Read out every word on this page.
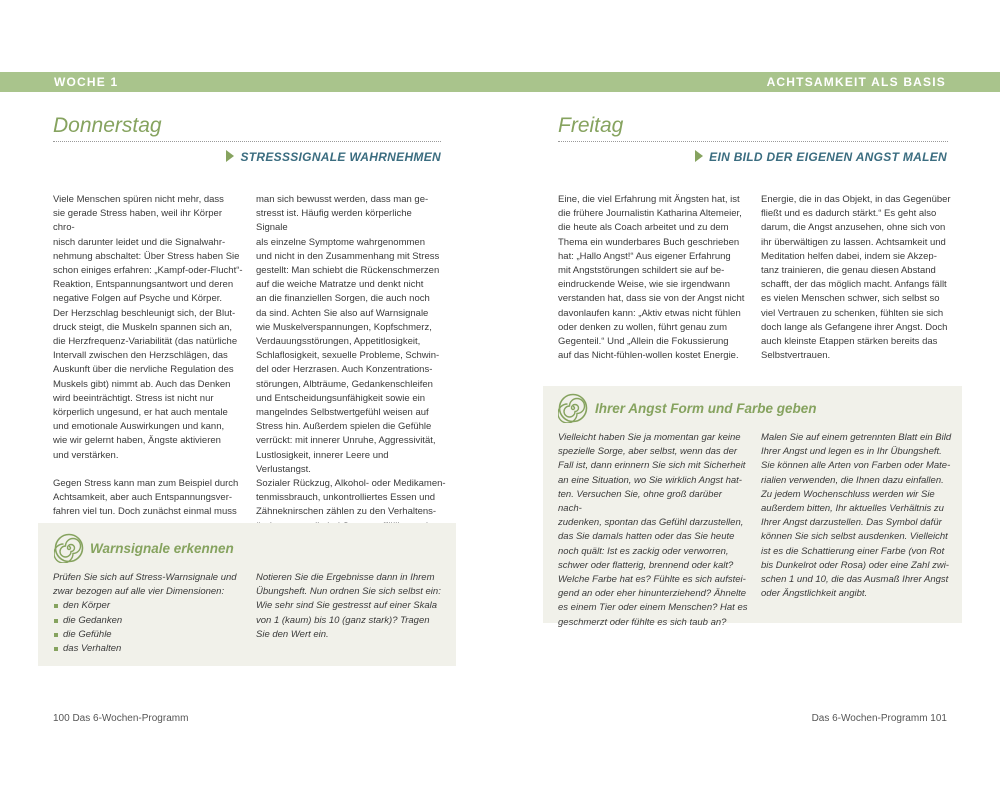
WOCHE 1	ACHTSAMKEIT ALS BASIS
Donnerstag
STRESSSIGNALE WAHRNEHMEN

Viele Menschen spüren nicht mehr, dass

sie gerade Stress haben, weil ihr Körper chro-

nisch darunter leidet und die Signalwahr-

nehmung abschaltet: Über Stress haben Sie

schon einiges erfahren: „Kampf-oder-Flucht“-

Reaktion, Entspannungsantwort und deren

negative Folgen auf Psyche und Körper.

Der Herzschlag beschleunigt sich, der Blut-

druck steigt, die Muskeln spannen sich an,

die Herzfrequenz-Variabilität (das natürliche

Intervall zwischen den Herzschlägen, das

Auskunft über die nervliche Regulation des

Muskels gibt) nimmt ab. Auch das Denken

wird beeinträchtigt. Stress ist nicht nur

körperlich ungesund, er hat auch mentale

und emotionale Auswirkungen und kann,

wie wir gelernt haben, Ängste aktivieren

und verstärken.

Gegen Stress kann man zum Beispiel durch

Achtsamkeit, aber auch Entspannungsver-

fahren viel tun. Doch zunächst einmal muss

man sich bewusst werden, dass man ge-

stresst ist. Häufig werden körperliche Signale

als einzelne Symptome wahrgenommen

und nicht in den Zusammenhang mit Stress

gestellt: Man schiebt die Rückenschmerzen

auf die weiche Matratze und denkt nicht

an die finanziellen Sorgen, die auch noch

da sind. Achten Sie also auf Warnsignale

wie Muskelverspannungen, Kopfschmerz,

Verdauungsstörungen, Appetitlosigkeit,

Schlaflosigkeit, sexuelle Probleme, Schwin-

del oder Herzrasen. Auch Konzentrations-

störungen, Albträume, Gedankenschleifen

und Entscheidungsunfähigkeit sowie ein

mangelndes Selbstwertgefühl weisen auf

Stress hin. Außerdem spielen die Gefühle

verrückt: mit innerer Unruhe, Aggressivität,

Lustlosigkeit, innerer Leere und Verlustangst.

Sozialer Rückzug, Alkohol- oder Medikamen-

tenmissbrauch, unkontrolliertes Essen und

Zähneknirschen zählen zu den Verhaltens-

Warnsignale erkennen

Prüfen Sie sich auf Stress-Warnsignale und

zwar bezogen auf alle vier Dimensionen:

den Körper
die Gedanken
die Gefühle
das Verhalten

Notieren Sie die Ergebnisse dann in Ihrem

Übungsheft. Nun ordnen Sie sich selbst ein:

Wie sehr sind Sie gestresst auf einer Skala

von 1 (kaum) bis 10 (ganz stark)? Tragen

Sie den Wert ein.

100 Das 6-Wochen-Programm
Freitag
EIN BILD DER EIGENEN ANGST MALEN

Eine, die viel Erfahrung mit Ängsten hat, ist

die frühere Journalistin Katharina Altemeier,

die heute als Coach arbeitet und zu dem

Thema ein wunderbares Buch geschrieben

hat: „Hallo Angst!“ Aus eigener Erfahrung

mit Angststörungen schildert sie auf be-

eindruckende Weise, wie sie irgendwann

verstanden hat, dass sie von der Angst nicht

davonlaufen kann: „Aktiv etwas nicht fühlen

oder denken zu wollen, führt genau zum

Gegenteil.“ Und „Allein die Fokussierung

auf das Nicht-fühlen-wollen kostet Energie.

Energie, die in das Objekt, in das Gegenüber

fließt und es dadurch stärkt.“ Es geht also

darum, die Angst anzusehen, ohne sich von

ihr überwältigen zu lassen. Achtsamkeit und

Meditation helfen dabei, indem sie Akzep-

tanz trainieren, die genau diesen Abstand

schafft, der das möglich macht. Anfangs fällt

es vielen Menschen schwer, sich selbst so

viel Vertrauen zu schenken, fühlten sie sich

doch lange als Gefangene ihrer Angst. Doch

auch kleinste Etappen stärken bereits das

Selbstvertrauen.

Ihrer Angst Form und Farbe geben

Vielleicht haben Sie ja momentan gar keine

spezielle Sorge, aber selbst, wenn das der

Fall ist, dann erinnern Sie sich mit Sicherheit

an eine Situation, wo Sie wirklich Angst hat-

ten. Versuchen Sie, ohne groß darüber nach-

zudenken, spontan das Gefühl darzustellen,

das Sie damals hatten oder das Sie heute

noch quält: Ist es zackig oder verworren,

schwer oder flatterig, brennend oder kalt?

Welche Farbe hat es? Fühlte es sich aufstei-

gend an oder eher hinunterziehend? Ähnelte

es einem Tier oder einem Menschen? Hat es

geschmerzt oder fühlte es sich taub an?

Malen Sie auf einem getrennten Blatt ein Bild

Ihrer Angst und legen es in Ihr Übungsheft.

Sie können alle Arten von Farben oder Mate-

rialien verwenden, die Ihnen dazu einfallen.

Zu jedem Wochenschluss werden wir Sie

außerdem bitten, Ihr aktuelles Verhältnis zu

Ihrer Angst darzustellen. Das Symbol dafür

können Sie sich selbst ausdenken. Vielleicht

ist es die Schattierung einer Farbe (von Rot

bis Dunkelrot oder Rosa) oder eine Zahl zwi-

schen 1 und 10, die das Ausmaß Ihrer Angst

oder Ängstlichkeit angibt.

Das 6-Wochen-Programm 101
